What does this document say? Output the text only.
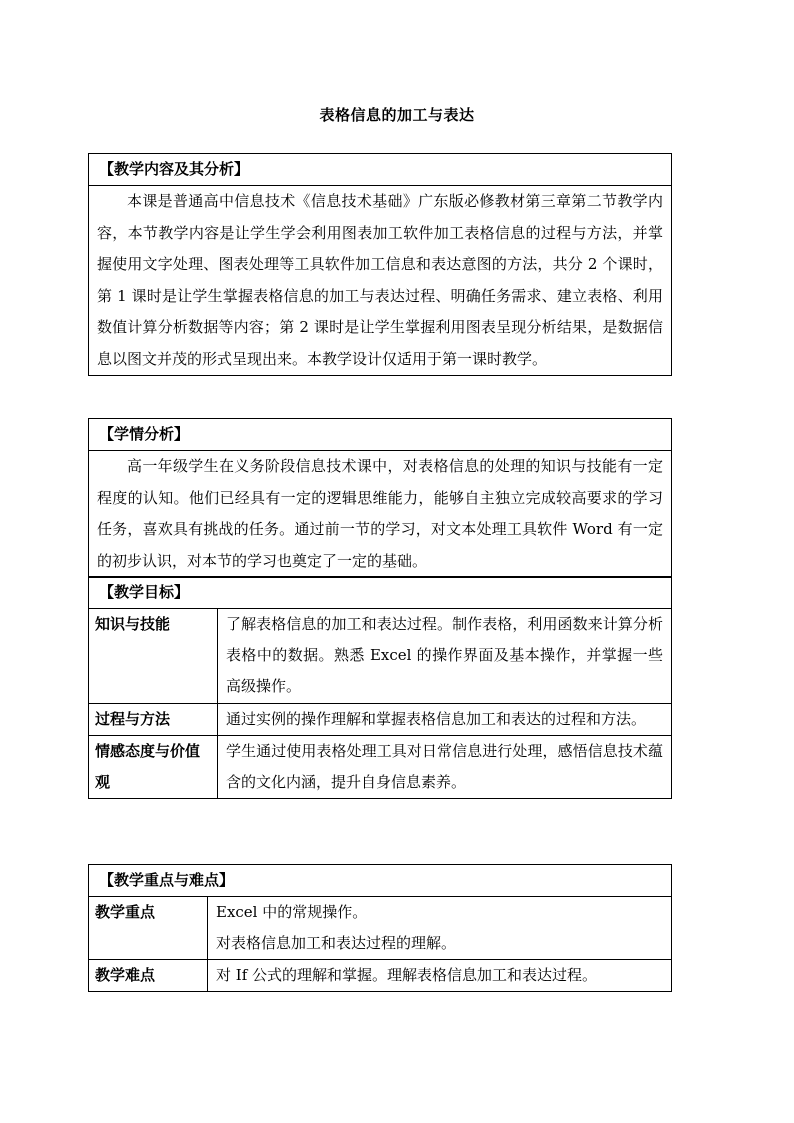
表格信息的加工与表达
【教学内容及其分析】
本课是普通高中信息技术《信息技术基础》广东版必修教材第三章第二节教学内容，本节教学内容是让学生学会利用图表加工软件加工表格信息的过程与方法，并掌握使用文字处理、图表处理等工具软件加工信息和表达意图的方法，共分 2 个课时，第 1 课时是让学生掌握表格信息的加工与表达过程、明确任务需求、建立表格、利用数值计算分析数据等内容；第 2 课时是让学生掌握利用图表呈现分析结果，是数据信息以图文并茂的形式呈现出来。本教学设计仅适用于第一课时教学。
【学情分析】
高一年级学生在义务阶段信息技术课中，对表格信息的处理的知识与技能有一定程度的认知。他们已经具有一定的逻辑思维能力，能够自主独立完成较高要求的学习任务，喜欢具有挑战的任务。通过前一节的学习，对文本处理工具软件 Word 有一定的初步认识，对本节的学习也奠定了一定的基础。
【教学目标】	
知识与技能	了解表格信息的加工和表达过程。制作表格，利用函数来计算分析表格中的数据。熟悉 Excel 的操作界面及基本操作，并掌握一些高级操作。
过程与方法	通过实例的操作理解和掌握表格信息加工和表达的过程和方法。
情感态度与价值观	学生通过使用表格处理工具对日常信息进行处理，感悟信息技术蕴含的文化内涵，提升自身信息素养。
【教学重点与难点】	
教学重点	Excel 中的常规操作。
对表格信息加工和表达过程的理解。

教学难点	对 If 公式的理解和掌握。理解表格信息加工和表达过程。
